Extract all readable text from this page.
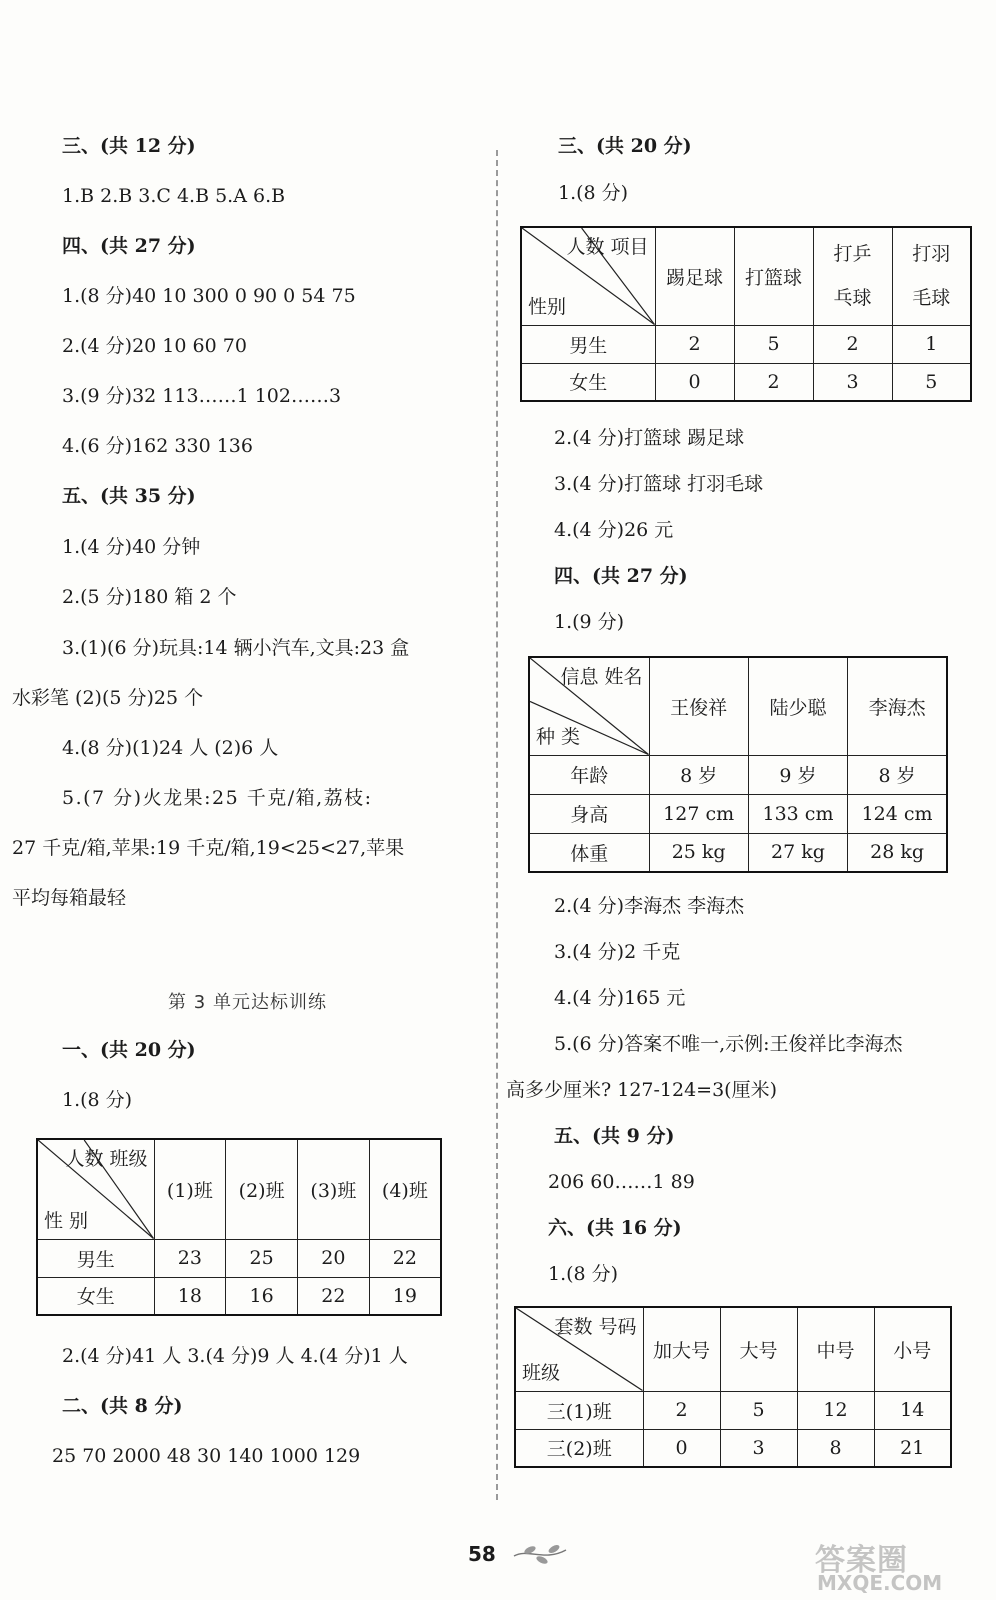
三、(共 12 分)
1.B 2.B 3.C 4.B 5.A 6.B
四、(共 27 分)
1.(8 分)40 10 300 0 90 0 54 75
2.(4 分)20 10 60 70
3.(9 分)32 113……1 102……3
4.(6 分)162 330 136
五、(共 35 分)
1.(4 分)40 分钟
2.(5 分)180 箱 2 个
3.(1)(6 分)玩具:14 辆小汽车,文具:23 盒
水彩笔 (2)(5 分)25 个
4.(8 分)(1)24 人 (2)6 人
5.(7 分)火龙果:25 千克/箱,荔枝:
27 千克/箱,苹果:19 千克/箱,19<25<27,苹果
平均每箱最轻
第 3 单元达标训练
一、(共 20 分)
1.(8 分)
人数 班级
性 别	(1)班	(2)班	(3)班	(4)班
男生	23	25	20	22
女生	18	16	22	19
2.(4 分)41 人 3.(4 分)9 人 4.(4 分)1 人
二、(共 8 分)
25 70 2000 48 30 140 1000 129
三、(共 20 分)
1.(8 分)
人数 项目
性别	踢足球	打篮球	打乒
乓球	打羽
毛球
男生	2	5	2	1
女生	0	2	3	5
2.(4 分)打篮球 踢足球
3.(4 分)打篮球 打羽毛球
4.(4 分)26 元
四、(共 27 分)
1.(9 分)
信息 姓名
种 类	王俊祥	陆少聪	李海杰
年龄	8 岁	9 岁	8 岁
身高	127 cm	133 cm	124 cm
体重	25 kg	27 kg	28 kg
2.(4 分)李海杰 李海杰
3.(4 分)2 千克
4.(4 分)165 元
5.(6 分)答案不唯一,示例:王俊祥比李海杰
高多少厘米? 127-124=3(厘米)
五、(共 9 分)
206 60……1 89
六、(共 16 分)
1.(8 分)
套数 号码
班级	加大号	大号	中号	小号
三(1)班	2	5	12	14
三(2)班	0	3	8	21
58	答案圈
MXQE.COM
